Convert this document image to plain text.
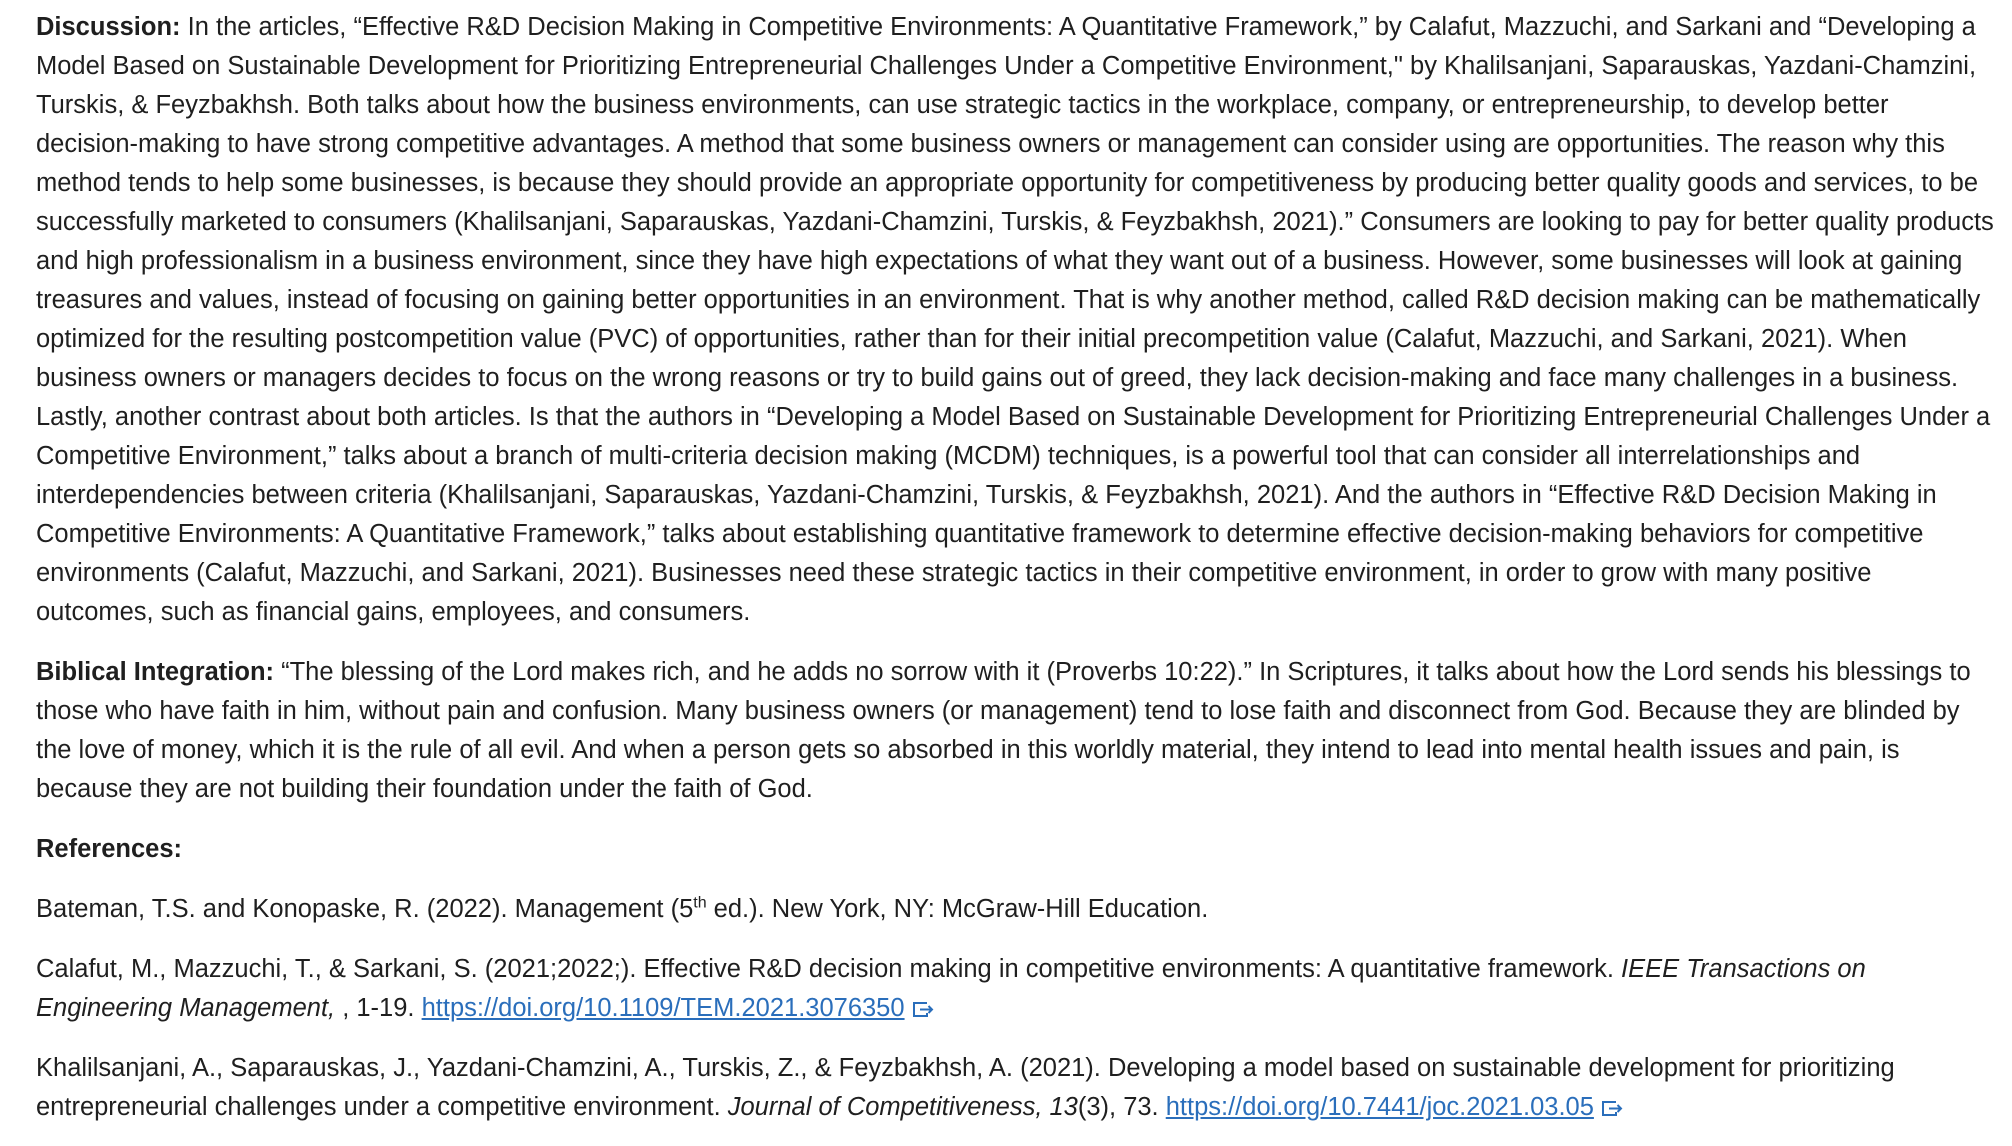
Discussion: In the articles, “Effective R&D Decision Making in Competitive Environments: A Quantitative Framework,” by Calafut, Mazzuchi, and Sarkani and “Developing a Model Based on Sustainable Development for Prioritizing Entrepreneurial Challenges Under a Competitive Environment," by Khalilsanjani, Saparauskas, Yazdani-Chamzini, Turskis, & Feyzbakhsh. Both talks about how the business environments, can use strategic tactics in the workplace, company, or entrepreneurship, to develop better decision-making to have strong competitive advantages. A method that some business owners or management can consider using are opportunities. The reason why this method tends to help some businesses, is because they should provide an appropriate opportunity for competitiveness by producing better quality goods and services, to be successfully marketed to consumers (Khalilsanjani, Saparauskas, Yazdani-Chamzini, Turskis, & Feyzbakhsh, 2021).” Consumers are looking to pay for better quality products and high professionalism in a business environment, since they have high expectations of what they want out of a business. However, some businesses will look at gaining treasures and values, instead of focusing on gaining better opportunities in an environment. That is why another method, called R&D decision making can be mathematically optimized for the resulting postcompetition value (PVC) of opportunities, rather than for their initial precompetition value (Calafut, Mazzuchi, and Sarkani, 2021). When business owners or managers decides to focus on the wrong reasons or try to build gains out of greed, they lack decision-making and face many challenges in a business. Lastly, another contrast about both articles. Is that the authors in “Developing a Model Based on Sustainable Development for Prioritizing Entrepreneurial Challenges Under a Competitive Environment,” talks about a branch of multi-criteria decision making (MCDM) techniques, is a powerful tool that can consider all interrelationships and interdependencies between criteria (Khalilsanjani, Saparauskas, Yazdani-Chamzini, Turskis, & Feyzbakhsh, 2021). And the authors in “Effective R&D Decision Making in Competitive Environments: A Quantitative Framework,” talks about establishing quantitative framework to determine effective decision-making behaviors for competitive environments (Calafut, Mazzuchi, and Sarkani, 2021). Businesses need these strategic tactics in their competitive environment, in order to grow with many positive outcomes, such as financial gains, employees, and consumers.

Biblical Integration: “The blessing of the Lord makes rich, and he adds no sorrow with it (Proverbs 10:22).” In Scriptures, it talks about how the Lord sends his blessings to those who have faith in him, without pain and confusion. Many business owners (or management) tend to lose faith and disconnect from God. Because they are blinded by the love of money, which it is the rule of all evil. And when a person gets so absorbed in this worldly material, they intend to lead into mental health issues and pain, is because they are not building their foundation under the faith of God.

References:

Bateman, T.S. and Konopaske, R. (2022). Management (5th ed.). New York, NY: McGraw-Hill Education.

Calafut, M., Mazzuchi, T., & Sarkani, S. (2021;2022;). Effective R&D decision making in competitive environments: A quantitative framework. IEEE Transactions on Engineering Management, , 1-19. https://doi.org/10.1109/TEM.2021.3076350

Khalilsanjani, A., Saparauskas, J., Yazdani-Chamzini, A., Turskis, Z., & Feyzbakhsh, A. (2021). Developing a model based on sustainable development for prioritizing entrepreneurial challenges under a competitive environment. Journal of Competitiveness, 13(3), 73. https://doi.org/10.7441/joc.2021.03.05
